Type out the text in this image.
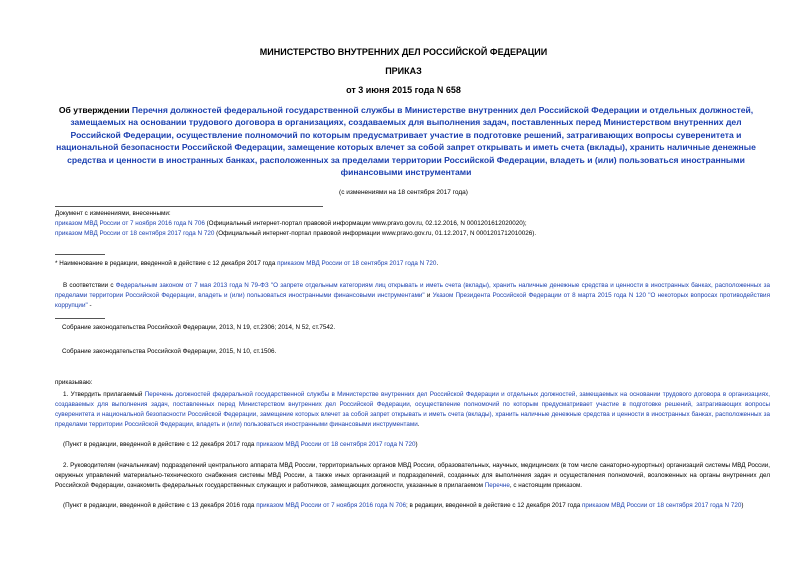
МИНИСТЕРСТВО ВНУТРЕННИХ ДЕЛ РОССИЙСКОЙ ФЕДЕРАЦИИ
ПРИКАЗ
от 3 июня 2015 года N 658
Об утверждении Перечня должностей федеральной государственной службы в Министерстве внутренних дел Российской Федерации и отдельных должностей, замещаемых на основании трудового договора в организациях, создаваемых для выполнения задач, поставленных перед Министерством внутренних дел Российской Федерации, осуществление полномочий по которым предусматривает участие в подготовке решений, затрагивающих вопросы суверенитета и национальной безопасности Российской Федерации, замещение которых влечет за собой запрет открывать и иметь счета (вклады), хранить наличные денежные средства и ценности в иностранных банках, расположенных за пределами территории Российской Федерации, владеть и (или) пользоваться иностранными финансовыми инструментами
(с изменениями на 18 сентября 2017 года)
Документ с изменениями, внесенными:
приказом МВД России от 7 ноября 2016 года N 706 (Официальный интернет-портал правовой информации www.pravo.gov.ru, 02.12.2016, N 0001201612020020);
приказом МВД России от 18 сентября 2017 года N 720 (Официальный интернет-портал правовой информации www.pravo.gov.ru, 01.12.2017, N 0001201712010026).
* Наименование в редакции, введенной в действие с 12 декабря 2017 года приказом МВД России от 18 сентября 2017 года N 720.
В соответствии с Федеральным законом от 7 мая 2013 года N 79-ФЗ "О запрете отдельным категориям лиц открывать и иметь счета (вклады), хранить наличные денежные средства и ценности в иностранных банках, расположенных за пределами территории Российской Федерации, владеть и (или) пользоваться иностранными финансовыми инструментами" и Указом Президента Российской Федерации от 8 марта 2015 года N 120 "О некоторых вопросах противодействия коррупции" -
Собрание законодательства Российской Федерации, 2013, N 19, ст.2306; 2014, N 52, ст.7542.
Собрание законодательства Российской Федерации, 2015, N 10, ст.1506.
приказываю:
1. Утвердить прилагаемый Перечень должностей федеральной государственной службы в Министерстве внутренних дел Российской Федерации и отдельных должностей, замещаемых на основании трудового договора в организациях, создаваемых для выполнения задач, поставленных перед Министерством внутренних дел Российской Федерации, осуществление полномочий по которым предусматривает участие в подготовке решений, затрагивающих вопросы суверенитета и национальной безопасности Российской Федерации, замещение которых влечет за собой запрет открывать и иметь счета (вклады), хранить наличные денежные средства и ценности в иностранных банках, расположенных за пределами территории Российской Федерации, владеть и (или) пользоваться иностранными финансовыми инструментами.
(Пункт в редакции, введенной в действие с 12 декабря 2017 года приказом МВД России от 18 сентября 2017 года N 720)
2. Руководителям (начальникам) подразделений центрального аппарата МВД России, территориальных органов МВД России, образовательных, научных, медицинских (в том числе санаторно-курортных) организаций системы МВД России, окружных управлений материально-технического снабжения системы МВД России, а также иных организаций и подразделений, созданных для выполнения задач и осуществления полномочий, возложенных на органы внутренних дел Российской Федерации, ознакомить федеральных государственных служащих и работников, замещающих должности, указанные в прилагаемом Перечне, с настоящим приказом.
(Пункт в редакции, введенной в действие с 13 декабря 2016 года приказом МВД России от 7 ноября 2016 года N 706; в редакции, введенной в действие с 12 декабря 2017 года приказом МВД России от 18 сентября 2017 года N 720)
